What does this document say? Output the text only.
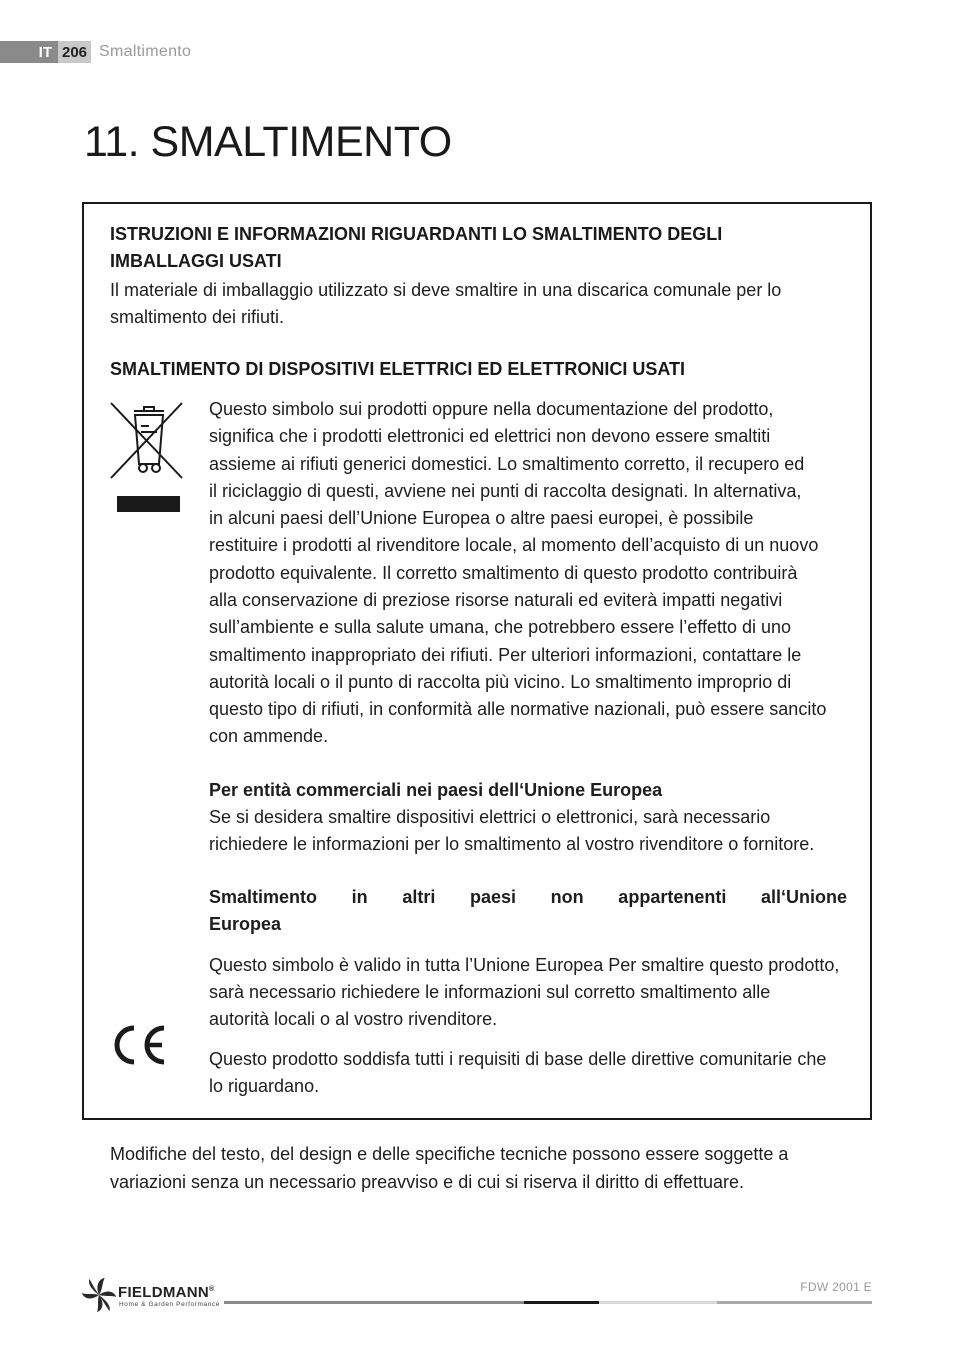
IT 206 Smaltimento
11. SMALTIMENTO
ISTRUZIONI E INFORMAZIONI RIGUARDANTI LO SMALTIMENTO DEGLI IMBALLAGGI USATI
Il materiale di imballaggio utilizzato si deve smaltire in una discarica comunale per lo
smaltimento dei rifiuti.
SMALTIMENTO DI DISPOSITIVI ELETTRICI ED ELETTRONICI USATI
Questo simbolo sui prodotti oppure nella documentazione del prodotto,
significa che i prodotti elettronici ed elettrici non devono essere smaltiti
assieme ai rifiuti generici domestici. Lo smaltimento corretto, il recupero ed
il riciclaggio di questi, avviene nei punti di raccolta designati. In alternativa,
in alcuni paesi dell’Unione Europea o altre paesi europei, è possibile
restituire i prodotti al rivenditore locale, al momento dell’acquisto di un nuovo
prodotto equivalente. Il corretto smaltimento di questo prodotto contribuirà
alla conservazione di preziose risorse naturali ed eviterà impatti negativi
sull’ambiente e sulla salute umana, che potrebbero essere l’effetto di uno
smaltimento inappropriato dei rifiuti. Per ulteriori informazioni, contattare le
autorità locali o il punto di raccolta più vicino. Lo smaltimento improprio di
questo tipo di rifiuti, in conformità alle normative nazionali, può essere sancito
con ammende.
Per entità commerciali nei paesi dell‘Unione Europea
Se si desidera smaltire dispositivi elettrici o elettronici, sarà necessario
richiedere le informazioni per lo smaltimento al vostro rivenditore o fornitore.
Smaltimento in altri paesi non appartenenti all‘Unione
Europea
Questo simbolo è valido in tutta l’Unione Europea Per smaltire questo prodotto,
sarà necessario richiedere le informazioni sul corretto smaltimento alle
autorità locali o al vostro rivenditore.
Questo prodotto soddisfa tutti i requisiti di base delle direttive comunitarie che
lo riguardano.
Modifiche del testo, del design e delle specifiche tecniche possono essere soggette a
variazioni senza un necessario preavviso e di cui si riserva il diritto di effettuare.
FIELDMANN®
Home & Garden Performance
FDW 2001 E
